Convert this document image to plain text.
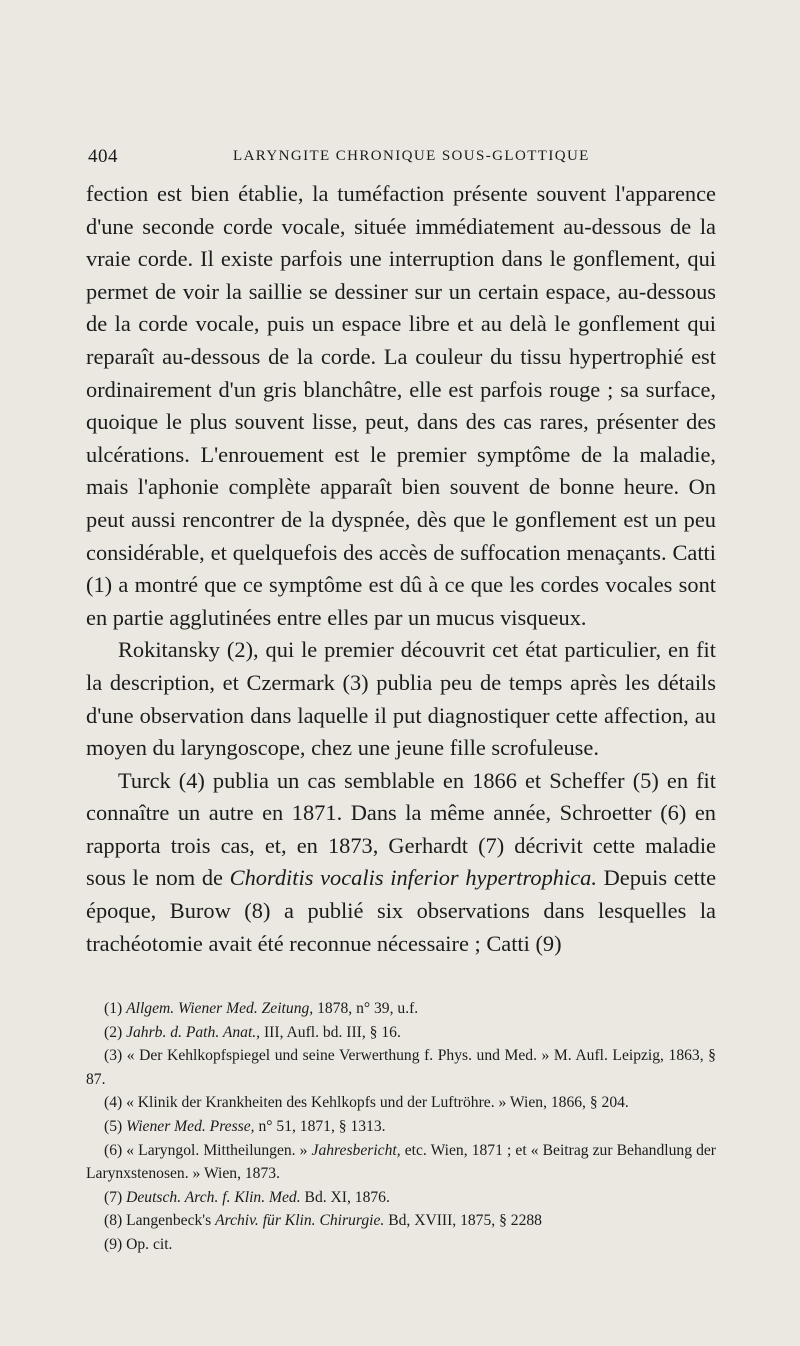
404	LARYNGITE CHRONIQUE SOUS-GLOTTIQUE

fection est bien établie, la tuméfaction présente souvent l'apparence d'une seconde corde vocale, située immédiatement au-dessous de la vraie corde. Il existe parfois une interruption dans le gonflement, qui permet de voir la saillie se dessiner sur un certain espace, au-dessous de la corde vocale, puis un espace libre et au delà le gonflement qui reparaît au-dessous de la corde. La couleur du tissu hypertrophié est ordinairement d'un gris blanchâtre, elle est parfois rouge ; sa surface, quoique le plus souvent lisse, peut, dans des cas rares, présenter des ulcérations. L'enrouement est le premier symptôme de la maladie, mais l'aphonie complète apparaît bien souvent de bonne heure. On peut aussi rencontrer de la dyspnée, dès que le gonflement est un peu considérable, et quelquefois des accès de suffocation menaçants. Catti (1) a montré que ce symptôme est dû à ce que les cordes vocales sont en partie agglutinées entre elles par un mucus visqueux.

Rokitansky (2), qui le premier découvrit cet état particulier, en fit la description, et Czermark (3) publia peu de temps après les détails d'une observation dans laquelle il put diagnostiquer cette affection, au moyen du laryngoscope, chez une jeune fille scrofuleuse.

Turck (4) publia un cas semblable en 1866 et Scheffer (5) en fit connaître un autre en 1871. Dans la même année, Schroetter (6) en rapporta trois cas, et, en 1873, Gerhardt (7) décrivit cette maladie sous le nom de Chorditis vocalis inferior hypertrophica. Depuis cette époque, Burow (8) a publié six observations dans lesquelles la trachéotomie avait été reconnue nécessaire ; Catti (9)

(1) Allgem. Wiener Med. Zeitung, 1878, n° 39, u.f.

(2) Jahrb. d. Path. Anat., III, Aufl. bd. III, § 16.

(3) « Der Kehlkopfspiegel und seine Verwerthung f. Phys. und Med. » M. Aufl. Leipzig, 1863, § 87.

(4) « Klinik der Krankheiten des Kehlkopfs und der Luftröhre. » Wien, 1866, § 204.

(5) Wiener Med. Presse, n° 51, 1871, § 1313.

(6) « Laryngol. Mittheilungen. » Jahresbericht, etc. Wien, 1871 ; et « Beitrag zur Behandlung der Larynxstenosen. » Wien, 1873.

(7) Deutsch. Arch. f. Klin. Med. Bd. XI, 1876.

(8) Langenbeck's Archiv. für Klin. Chirurgie. Bd, XVIII, 1875, § 2288

(9) Op. cit.
